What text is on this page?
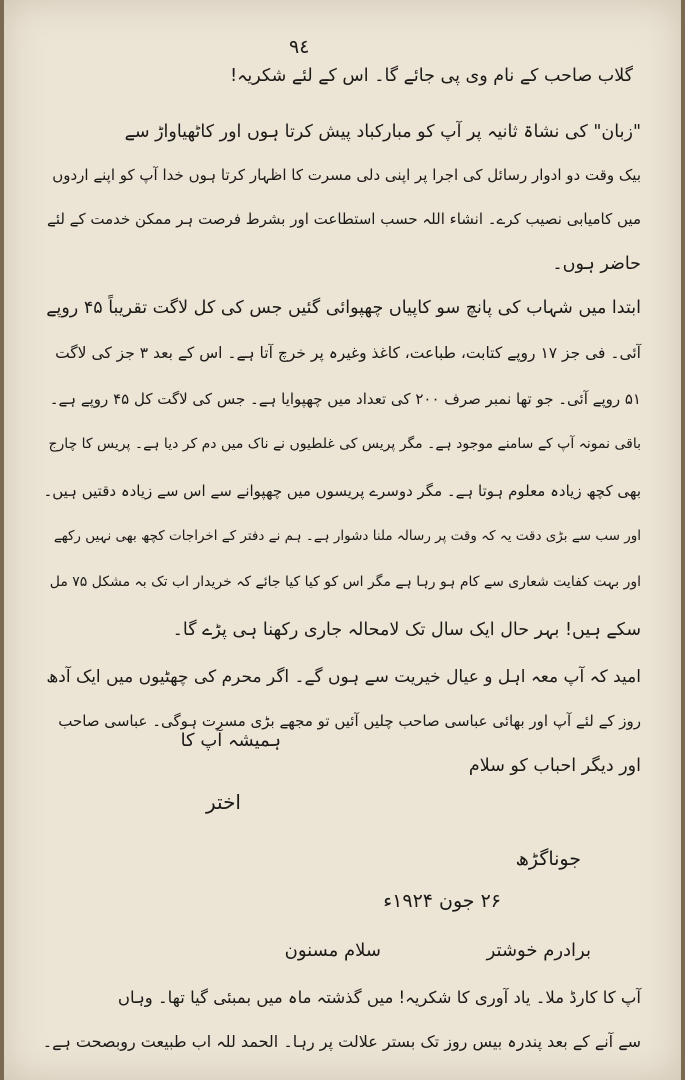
٩٤

گلاب صاحب کے نام وی پی جائے گا۔ اس کے لئے شکریہ!

"زبان" کی نشاۃ ثانیہ پر آپ کو مبارکباد پیش کرتا ہوں اور کاٹھیاواڑ سے

بیک وقت دو ادوار رسائل کی اجرا پر اپنی دلی مسرت کا اظہار کرتا ہوں خدا آپ کو اپنے اردوں

میں کامیابی نصیب کرے۔ انشاء اللہ حسب استطاعت اور بشرط فرصت ہر ممکن خدمت کے لئے

حاضر ہوں۔

ابتدا میں شہاب کی پانچ سو کاپیاں چھپوائی گئیں جس کی کل لاگت تقریباً ۴۵ روپے

آئی۔ فی جز ۱۷ روپے کتابت، طباعت، کاغذ وغیرہ پر خرچ آتا ہے۔ اس کے بعد ۳ جز کی لاگت

۵۱ روپے آئی۔ جو تھا نمبر صرف ۲۰۰ کی تعداد میں چھپوایا ہے۔ جس کی لاگت کل ۴۵ روپے ہے۔

باقی نمونہ آپ کے سامنے موجود ہے۔ مگر پریس کی غلطیوں نے ناک میں دم کر دیا ہے۔ پریس کا چارج

بھی کچھ زیادہ معلوم ہوتا ہے۔ مگر دوسرے پریسوں میں چھپوانے سے اس سے زیادہ دقتیں ہیں۔

اور سب سے بڑی دقت یہ کہ وقت پر رسالہ ملنا دشوار ہے۔ ہم نے دفتر کے اخراجات کچھ بھی نہیں رکھے

اور بہت کفایت شعاری سے کام ہو رہا ہے مگر اس کو کیا کیا جائے کہ خریدار اب تک بہ مشکل ۷۵ مل

سکے ہیں! بہر حال ایک سال تک لامحالہ جاری رکھنا ہی پڑے گا۔

امید کہ آپ معہ اہل و عیال خیریت سے ہوں گے۔ اگر محرم کی چھٹیوں میں ایک آدھ

روز کے لئے آپ اور بھائی عباسی صاحب چلیں آئیں تو مجھے بڑی مسرت ہوگی۔ عباسی صاحب

اور دیگر احباب کو سلام

ہمیشہ آپ کا

اختر

جوناگڑھ

۲۶ جون ۱۹۲۴ء

برادرم خوشتر

سلام مسنون

آپ کا کارڈ ملا۔ یاد آوری کا شکریہ! میں گذشتہ ماہ میں بمبئی گیا تھا۔ وہاں

سے آنے کے بعد پندرہ بیس روز تک بستر علالت پر رہا۔ الحمد للہ اب طبیعت روبصحت ہے۔
